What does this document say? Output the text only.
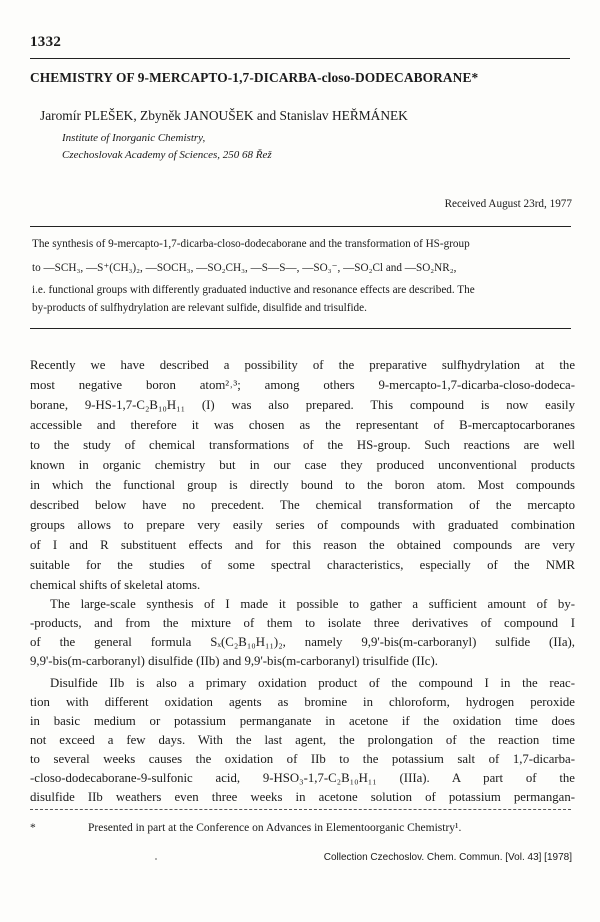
1332
CHEMISTRY OF 9-MERCAPTO-1,7-DICARBA-closo-DODECABORANE*
Jaromír PLEŠEK, Zbyněk JANOUŠEK and Stanislav HEŘMÁNEK
Institute of Inorganic Chemistry,
Czechoslovak Academy of Sciences, 250 68 Řež
Received August 23rd, 1977
The synthesis of 9-mercapto-1,7-dicarba-closo-dodecaborane and the transformation of HS-group
to —SCH₃, —S⁺(CH₃)₂, —SOCH₃, —SO₂CH₃, —S—S—, —SO₃⁻, —SO₂Cl and —SO₂NR₂,
i.e. functional groups with differently graduated inductive and resonance effects are described. The
by-products of sulfhydrylation are relevant sulfide, disulfide and trisulfide.
Recently we have described a possibility of the preparative sulfhydrylation at the
most negative boron atom²˒³; among others 9-mercapto-1,7-dicarba-closo-dodeca-
borane, 9-HS-1,7-C₂B₁₀H₁₁ (I) was also prepared. This compound is now easily
accessible and therefore it was chosen as the representant of B-mercaptocarboranes
to the study of chemical transformations of the HS-group. Such reactions are well
known in organic chemistry but in our case they produced unconventional products
in which the functional group is directly bound to the boron atom. Most compounds
described below have no precedent. The chemical transformation of the mercapto
groups allows to prepare very easily series of compounds with graduated combination
of I and R substituent effects and for this reason the obtained compounds are very
suitable for the studies of some spectral characteristics, especially of the NMR
chemical shifts of skeletal atoms.
The large-scale synthesis of I made it possible to gather a sufficient amount of by-
-products, and from the mixture of them to isolate three derivatives of compound I
of the general formula Sₓ(C₂B₁₀H₁₁)₂, namely 9,9'-bis(m-carboranyl) sulfide (IIa),
9,9'-bis(m-carboranyl) disulfide (IIb) and 9,9'-bis(m-carboranyl) trisulfide (IIc).
Disulfide IIb is also a primary oxidation product of the compound I in the reac-
tion with different oxidation agents as bromine in chloroform, hydrogen peroxide
in basic medium or potassium permanganate in acetone if the oxidation time does
not exceed a few days. With the last agent, the prolongation of the reaction time
to several weeks causes the oxidation of IIb to the potassium salt of 1,7-dicarba-
-closo-dodecaborane-9-sulfonic acid, 9-HSO₃-1,7-C₂B₁₀H₁₁ (IIIa). A part of the
disulfide IIb weathers even three weeks in acetone solution of potassium permangan-
*	Presented in part at the Conference on Advances in Elementoorganic Chemistry¹.
Collection Czechoslov. Chem. Commun. [Vol. 43] [1978]
